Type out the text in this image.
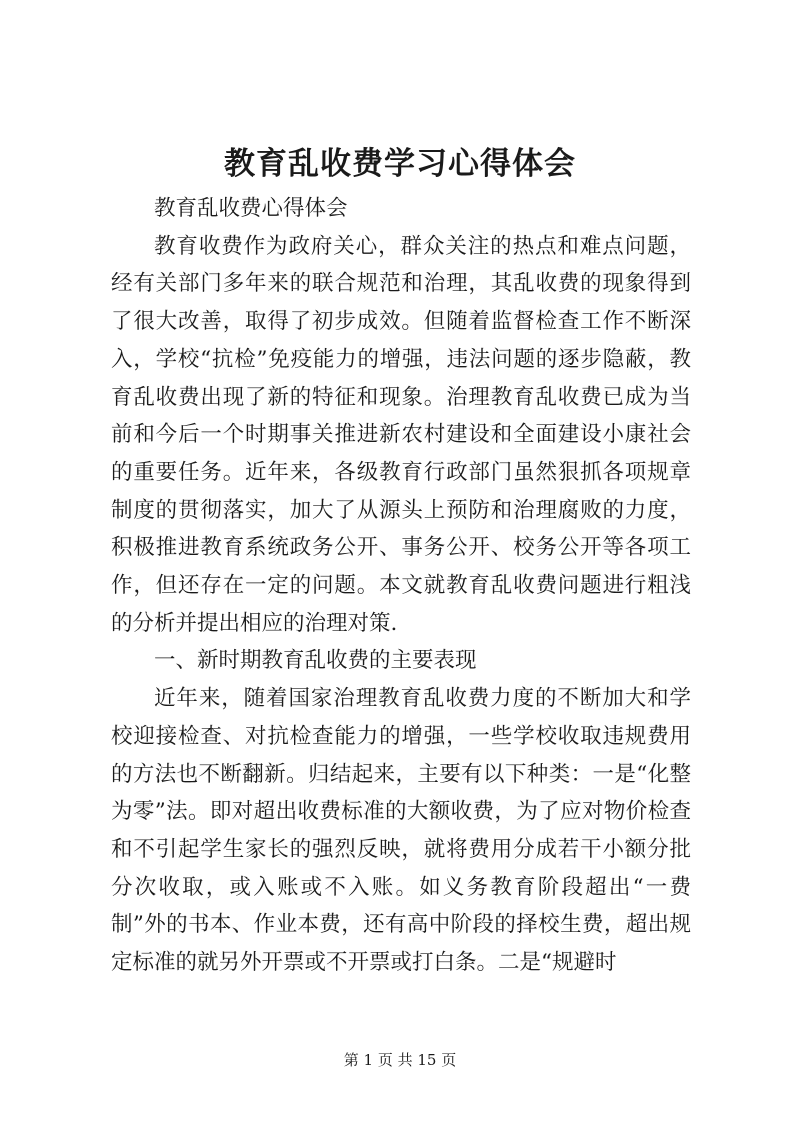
教育乱收费学习心得体会

教育乱收费心得体会

教育收费作为政府关心，群众关注的热点和难点问题，经有关部门多年来的联合规范和治理，其乱收费的现象得到了很大改善，取得了初步成效。但随着监督检查工作不断深入，学校“抗检”免疫能力的增强，违法问题的逐步隐蔽，教育乱收费出现了新的特征和现象。治理教育乱收费已成为当前和今后一个时期事关推进新农村建设和全面建设小康社会的重要任务。近年来，各级教育行政部门虽然狠抓各项规章制度的贯彻落实，加大了从源头上预防和治理腐败的力度，积极推进教育系统政务公开、事务公开、校务公开等各项工作，但还存在一定的问题。本文就教育乱收费问题进行粗浅的分析并提出相应的治理对策.

一、新时期教育乱收费的主要表现

近年来，随着国家治理教育乱收费力度的不断加大和学校迎接检查、对抗检查能力的增强，一些学校收取违规费用的方法也不断翻新。归结起来，主要有以下种类：一是“化整为零”法。即对超出收费标准的大额收费，为了应对物价检查和不引起学生家长的强烈反映，就将费用分成若干小额分批分次收取，或入账或不入账。如义务教育阶段超出“一费制”外的书本、作业本费，还有高中阶段的择校生费，超出规定标准的就另外开票或不开票或打白条。二是“规避时

第 1 页 共 15 页
